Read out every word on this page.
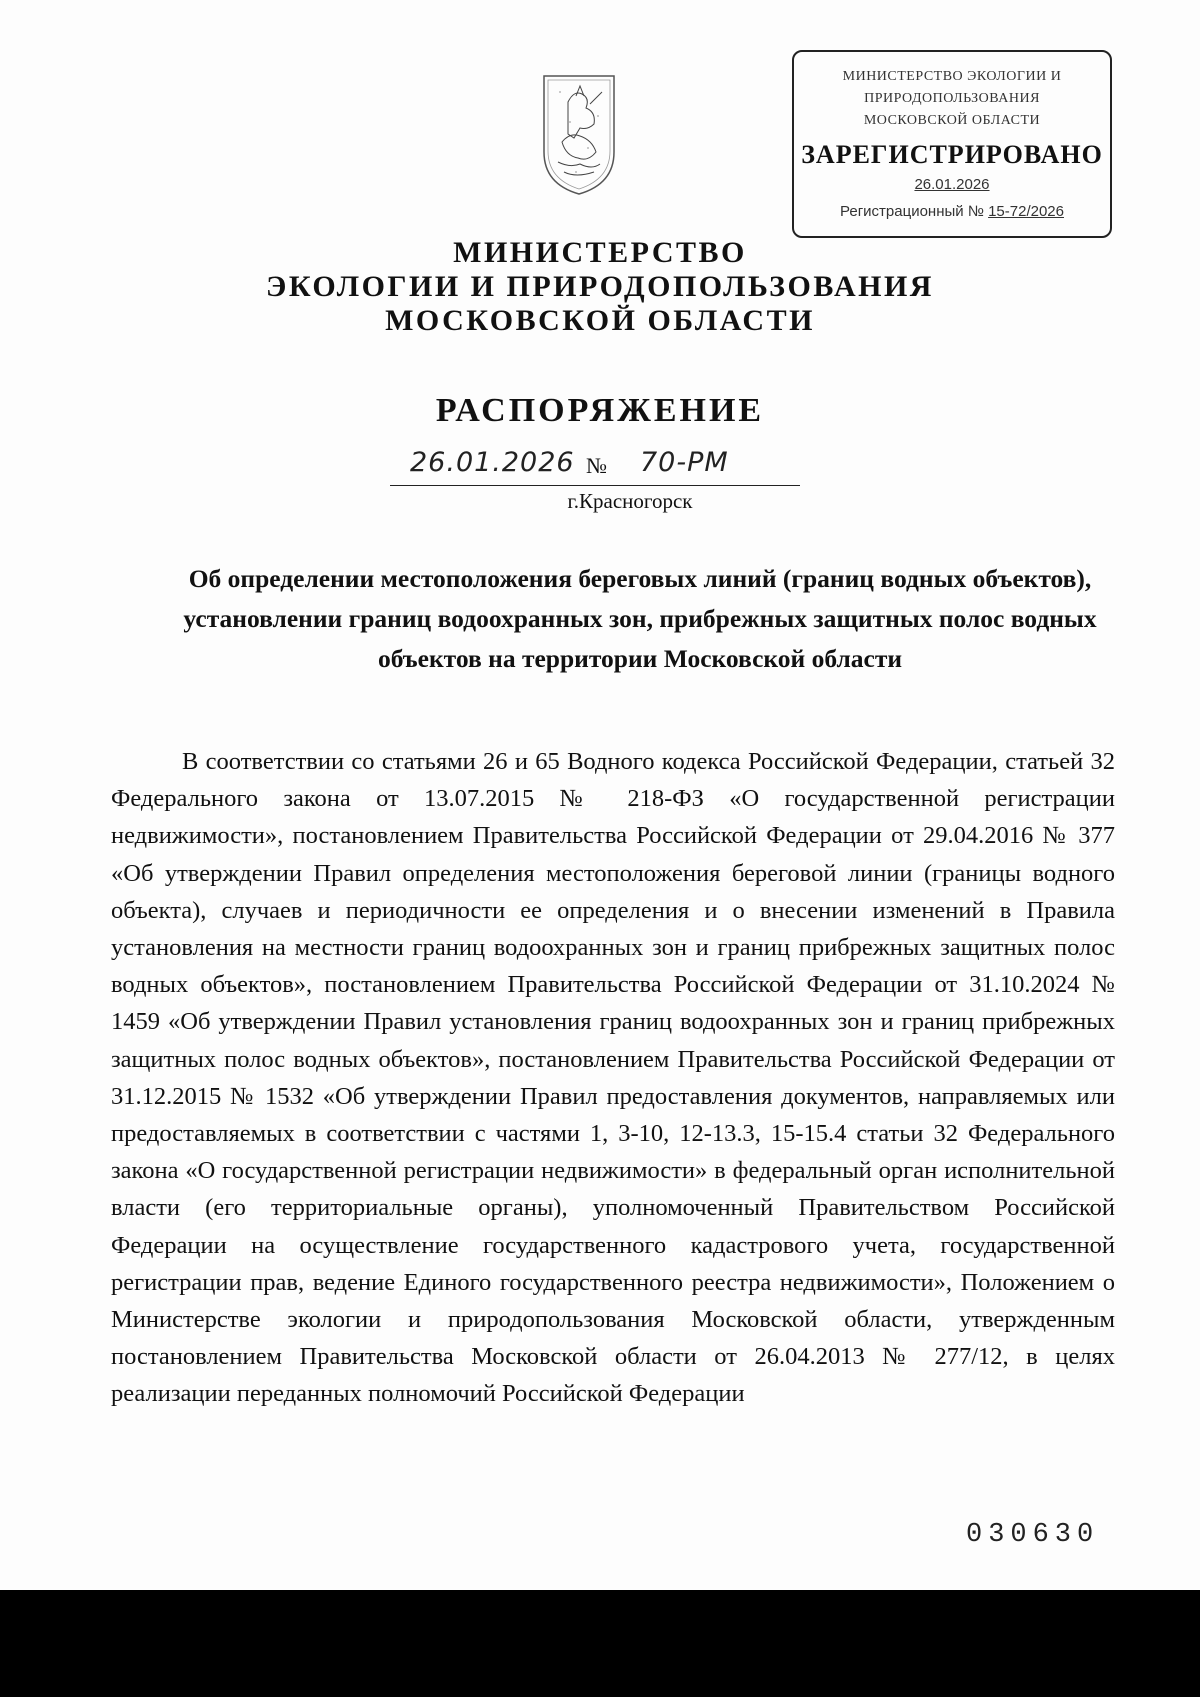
МИНИСТЕРСТВО ЭКОЛОГИИ И
ПРИРОДОПОЛЬЗОВАНИЯ
МОСКОВСКОЙ ОБЛАСТИ
ЗАРЕГИСТРИРОВАНО
26.01.2026
Регистрационный № 15-72/2026
МИНИСТЕРСТВО
ЭКОЛОГИИ И ПРИРОДОПОЛЬЗОВАНИЯ
МОСКОВСКОЙ ОБЛАСТИ
РАСПОРЯЖЕНИЕ
26.01.2026 № 70-РМ
г.Красногорск
Об определении местоположения береговых линий (границ водных объектов), установлении границ водоохранных зон, прибрежных защитных полос водных объектов на территории Московской области
В соответствии со статьями 26 и 65 Водного кодекса Российской Федерации, статьей 32 Федерального закона от 13.07.2015 № 218-ФЗ «О государственной регистрации недвижимости», постановлением Правительства Российской Федерации от 29.04.2016 № 377 «Об утверждении Правил определения местоположения береговой линии (границы водного объекта), случаев и периодичности ее определения и о внесении изменений в Правила установления на местности границ водоохранных зон и границ прибрежных защитных полос водных объектов», постановлением Правительства Российской Федерации от 31.10.2024 № 1459 «Об утверждении Правил установления границ водоохранных зон и границ прибрежных защитных полос водных объектов», постановлением Правительства Российской Федерации от 31.12.2015 № 1532 «Об утверждении Правил предоставления документов, направляемых или предоставляемых в соответствии с частями 1, 3-10, 12-13.3, 15-15.4 статьи 32 Федерального закона «О государственной регистрации недвижимости» в федеральный орган исполнительной власти (его территориальные органы), уполномоченный Правительством Российской Федерации на осуществление государственного кадастрового учета, государственной регистрации прав, ведение Единого государственного реестра недвижимости», Положением о Министерстве экологии и природопользования Московской области, утвержденным постановлением Правительства Московской области от 26.04.2013 № 277/12, в целях реализации переданных полномочий Российской Федерации
030630
